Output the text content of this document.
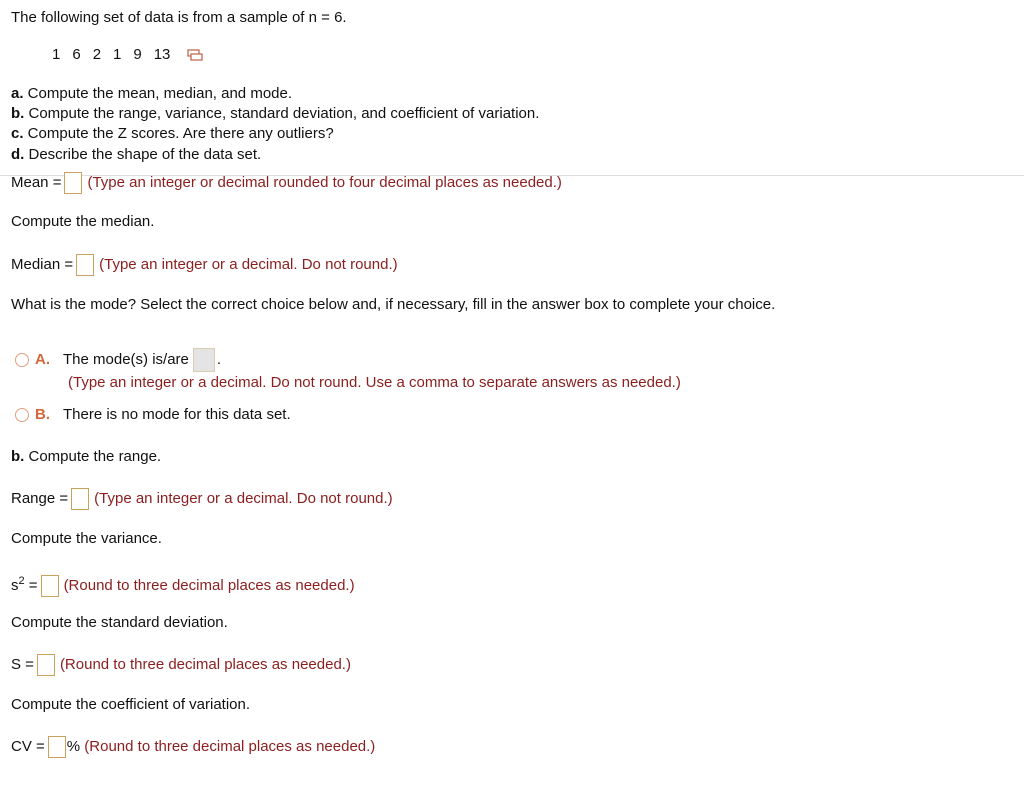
The following set of data is from a sample of n = 6.
1 6 2 1 9 13
a. Compute the mean, median, and mode.
b. Compute the range, variance, standard deviation, and coefficient of variation.
c. Compute the Z scores. Are there any outliers?
d. Describe the shape of the data set.
Mean = (Type an integer or decimal rounded to four decimal places as needed.)
Compute the median.
Median = (Type an integer or a decimal. Do not round.)
What is the mode? Select the correct choice below and, if necessary, fill in the answer box to complete your choice.
A. The mode(s) is/are .
(Type an integer or a decimal. Do not round. Use a comma to separate answers as needed.)
B. There is no mode for this data set.
b. Compute the range.
Range = (Type an integer or a decimal. Do not round.)
Compute the variance.
$s^2$ = (Round to three decimal places as needed.)
Compute the standard deviation.
S = (Round to three decimal places as needed.)
Compute the coefficient of variation.
CV = % (Round to three decimal places as needed.)
